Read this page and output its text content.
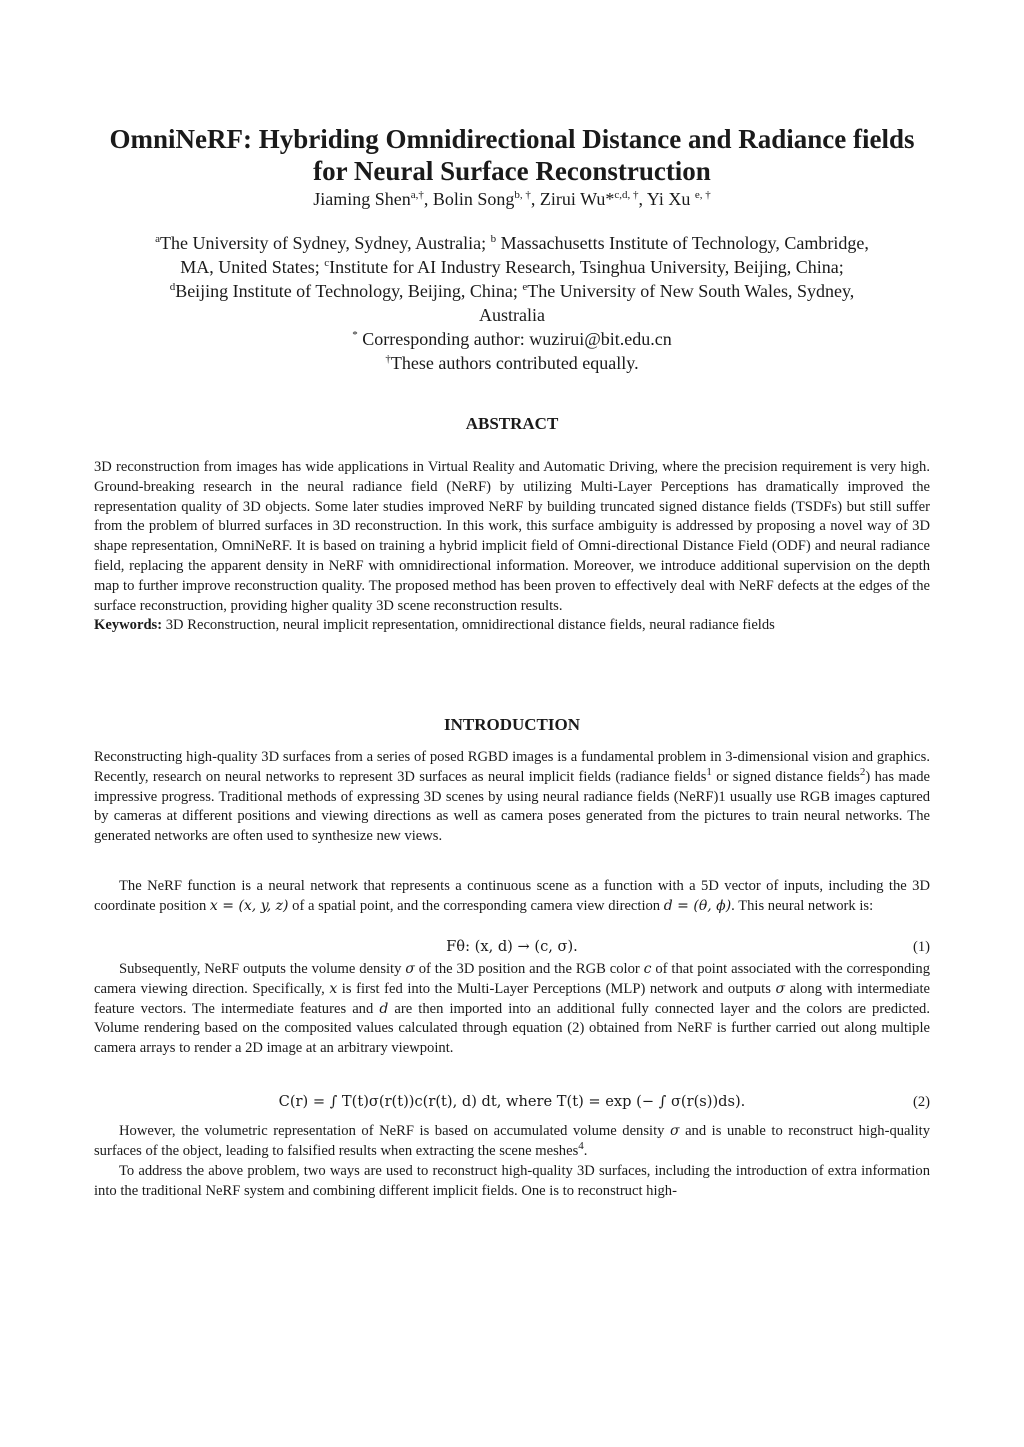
OmniNeRF: Hybriding Omnidirectional Distance and Radiance fields
for Neural Surface Reconstruction
Jiaming Shen$^{a,\dagger}$, Bolin Song$^{b, \dagger}$, Zirui Wu*$^{c,d, \dagger}$, Yi Xu $^{e, \dagger}$
$^a$The University of Sydney, Sydney, Australia; $^b$ Massachusetts Institute of Technology, Cambridge,
MA, United States; $^c$Institute for AI Industry Research, Tsinghua University, Beijing, China;
$^d$Beijing Institute of Technology, Beijing, China; $^e$The University of New South Wales, Sydney,
Australia
* Corresponding author: wuzirui@bit.edu.cn
†These authors contributed equally.
ABSTRACT
3D reconstruction from images has wide applications in Virtual Reality and Automatic Driving, where the precision requirement is very high. Ground-breaking research in the neural radiance field (NeRF) by utilizing Multi-Layer Perceptions has dramatically improved the representation quality of 3D objects. Some later studies improved NeRF by building truncated signed distance fields (TSDFs) but still suffer from the problem of blurred surfaces in 3D reconstruction. In this work, this surface ambiguity is addressed by proposing a novel way of 3D shape representation, OmniNeRF. It is based on training a hybrid implicit field of Omni-directional Distance Field (ODF) and neural radiance field, replacing the apparent density in NeRF with omnidirectional information. Moreover, we introduce additional supervision on the depth map to further improve reconstruction quality. The proposed method has been proven to effectively deal with NeRF defects at the edges of the surface reconstruction, providing higher quality 3D scene reconstruction results.
Keywords: 3D Reconstruction, neural implicit representation, omnidirectional distance fields, neural radiance fields
INTRODUCTION
Reconstructing high-quality 3D surfaces from a series of posed RGBD images is a fundamental problem in 3-dimensional vision and graphics. Recently, research on neural networks to represent 3D surfaces as neural implicit fields (radiance fields$^1$ or signed distance fields$^2$) has made impressive progress. Traditional methods of expressing 3D scenes by using neural radiance fields (NeRF)1 usually use RGB images captured by cameras at different positions and viewing directions as well as camera poses generated from the pictures to train neural networks. The generated networks are often used to synthesize new views.
The NeRF function is a neural network that represents a continuous scene as a function with a 5D vector of inputs, including the 3D coordinate position x = (x, y, z) of a spatial point, and the corresponding camera view direction d = (θ, ϕ). This neural network is:
Fθ: (x, d) → (c, σ).	(1)
Subsequently, NeRF outputs the volume density σ of the 3D position and the RGB color c of that point associated with the corresponding camera viewing direction. Specifically, x is first fed into the Multi-Layer Perceptions (MLP) network and outputs σ along with intermediate feature vectors. The intermediate features and d are then imported into an additional fully connected layer and the colors are predicted. Volume rendering based on the composited values calculated through equation (2) obtained from NeRF is further carried out along multiple camera arrays to render a 2D image at an arbitrary viewpoint.
C(r) = ∫ T(t)σ(r(t))c(r(t), d) dt, where T(t) = exp (− ∫ σ(r(s))ds).	(2)
However, the volumetric representation of NeRF is based on accumulated volume density σ and is unable to reconstruct high-quality surfaces of the object, leading to falsified results when extracting the scene meshes$^4$.
To address the above problem, two ways are used to reconstruct high-quality 3D surfaces, including the introduction of extra information into the traditional NeRF system and combining different implicit fields. One is to reconstruct high-
